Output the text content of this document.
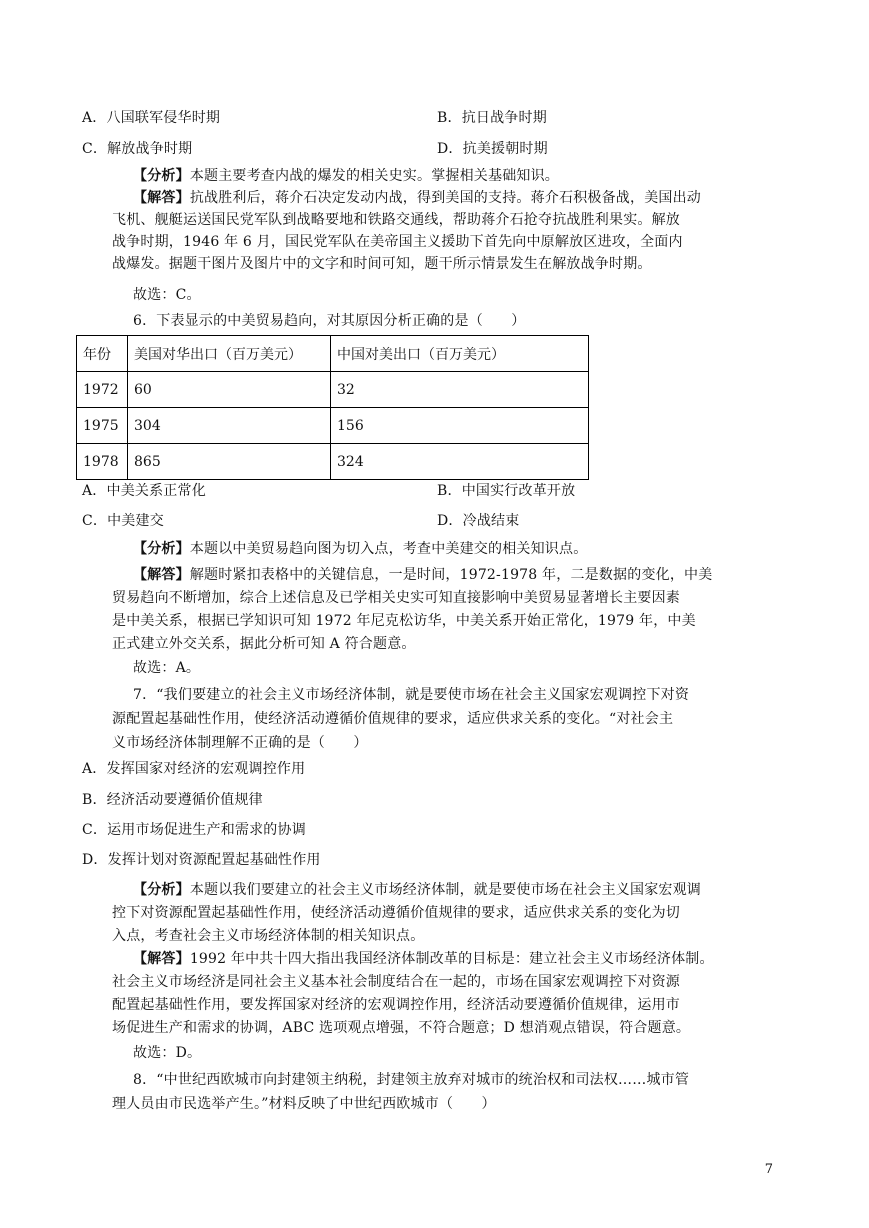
A．八国联军侵华时期	B．抗日战争时期
C．解放战争时期	D．抗美援朝时期
【分析】本题主要考查内战的爆发的相关史实。掌握相关基础知识。
【解答】抗战胜利后，蒋介石决定发动内战，得到美国的支持。蒋介石积极备战，美国出动
飞机、舰艇运送国民党军队到战略要地和铁路交通线，帮助蒋介石抢夺抗战胜利果实。解放
战争时期，1946 年 6 月，国民党军队在美帝国主义援助下首先向中原解放区进攻，全面内
战爆发。据题干图片及图片中的文字和时间可知，题干所示情景发生在解放战争时期。
故选：C。
6．下表显示的中美贸易趋向，对其原因分析正确的是（　　）
年份	美国对华出口（百万美元）	中国对美出口（百万美元）
1972	60	32
1975	304	156
1978	865	324
A．中美关系正常化	B．中国实行改革开放
C．中美建交	D．冷战结束
【分析】本题以中美贸易趋向图为切入点，考查中美建交的相关知识点。
【解答】解题时紧扣表格中的关键信息，一是时间，1972-1978 年，二是数据的变化，中美
贸易趋向不断增加，综合上述信息及已学相关史实可知直接影响中美贸易显著增长主要因素
是中美关系，根据已学知识可知 1972 年尼克松访华，中美关系开始正常化，1979 年，中美
正式建立外交关系，据此分析可知 A 符合题意。
故选：A。
7．“我们要建立的社会主义市场经济体制，就是要使市场在社会主义国家宏观调控下对资
源配置起基础性作用，使经济活动遵循价值规律的要求，适应供求关系的变化。“对社会主
义市场经济体制理解不正确的是（　　）
A．发挥国家对经济的宏观调控作用
B．经济活动要遵循价值规律
C．运用市场促进生产和需求的协调
D．发挥计划对资源配置起基础性作用
【分析】本题以我们要建立的社会主义市场经济体制，就是要使市场在社会主义国家宏观调
控下对资源配置起基础性作用，使经济活动遵循价值规律的要求，适应供求关系的变化为切
入点，考查社会主义市场经济体制的相关知识点。
【解答】1992 年中共十四大指出我国经济体制改革的目标是：建立社会主义市场经济体制。
社会主义市场经济是同社会主义基本社会制度结合在一起的，市场在国家宏观调控下对资源
配置起基础性作用，要发挥国家对经济的宏观调控作用，经济活动要遵循价值规律，运用市
场促进生产和需求的协调，ABC 选项观点增强，不符合题意；D 想消观点错误，符合题意。
故选：D。
8．“中世纪西欧城市向封建领主纳税，封建领主放弃对城市的统治权和司法权……城市管
理人员由市民选举产生。”材料反映了中世纪西欧城市（　　）
7
